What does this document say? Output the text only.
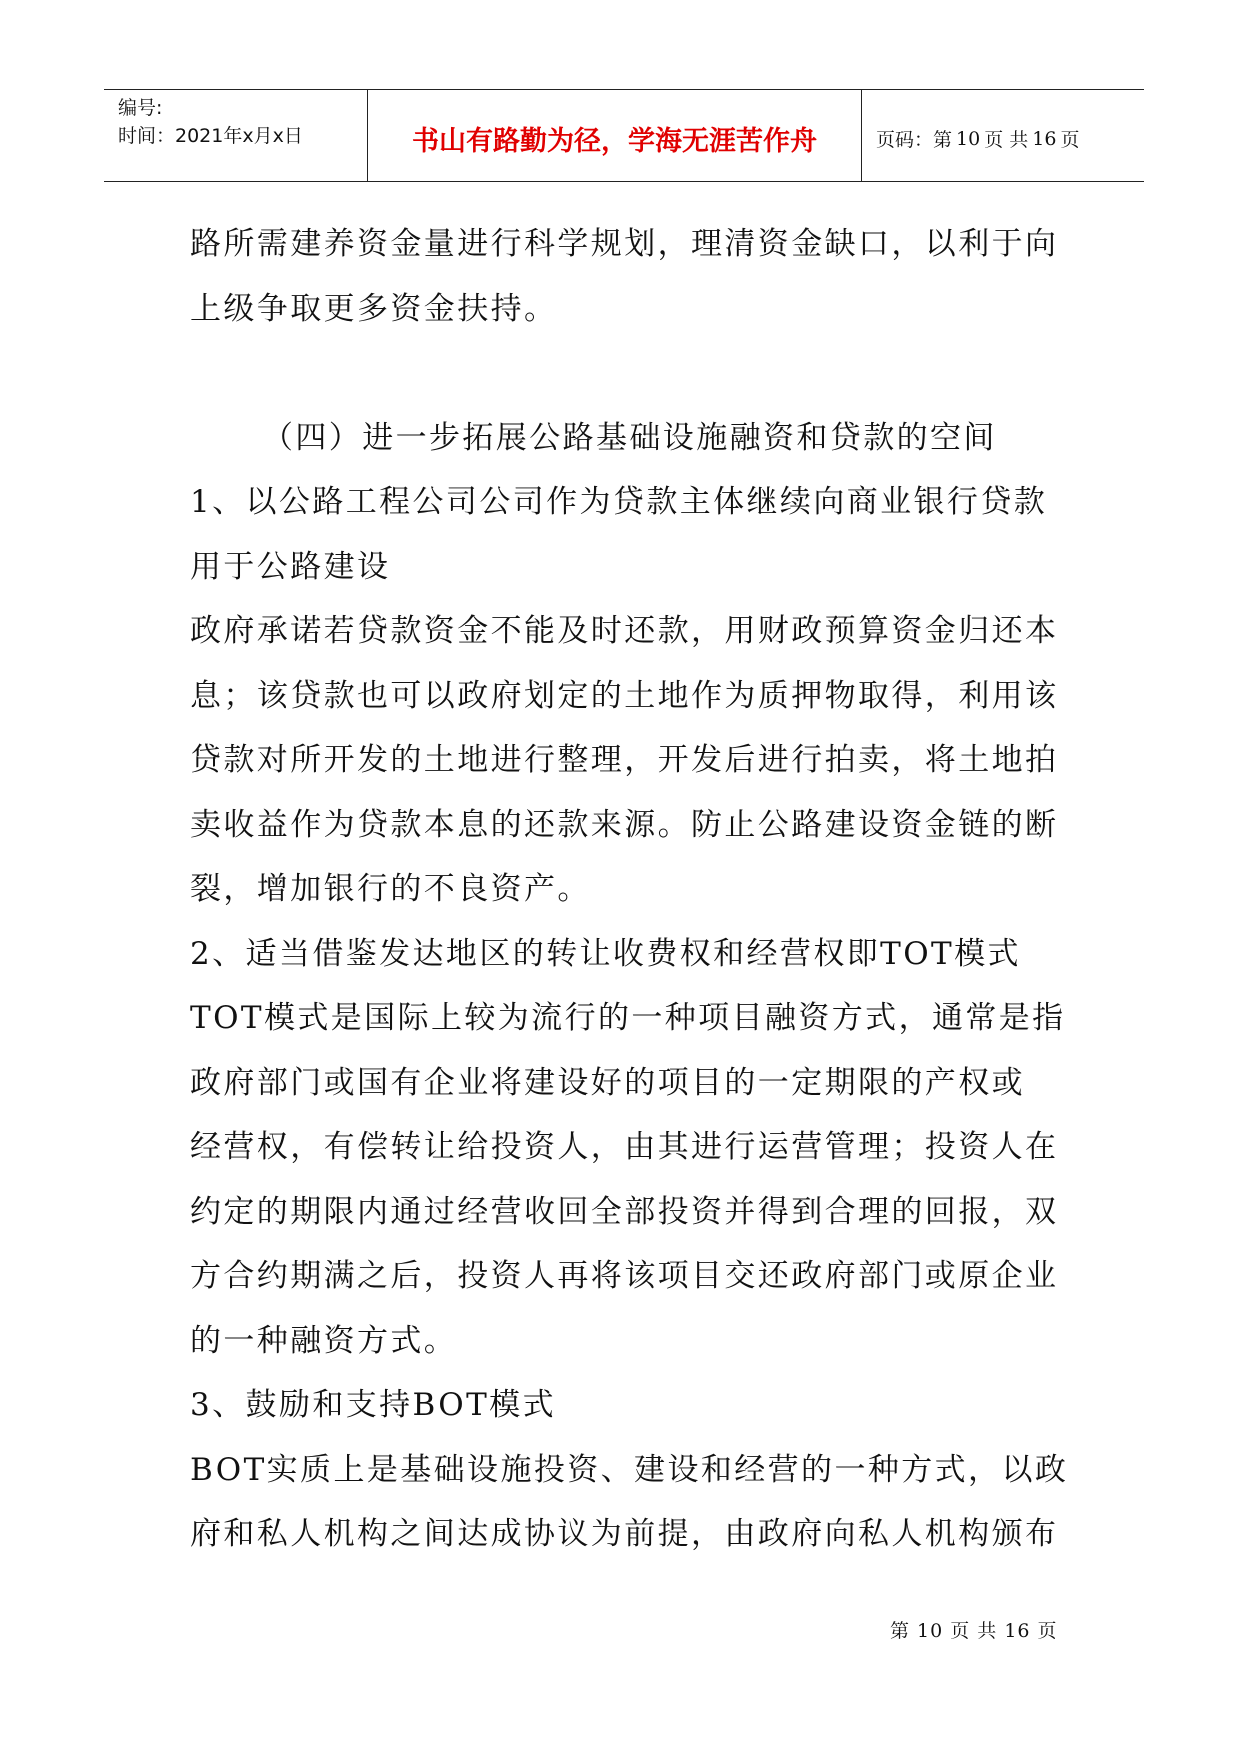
编号:
时间：2021年x月x日	书山有路勤为径，学海无涯苦作舟	页码：第 10 页 共 16 页
路所需建养资金量进行科学规划，理清资金缺口，以利于向
上级争取更多资金扶持。
（四）进一步拓展公路基础设施融资和贷款的空间
1、以公路工程公司公司作为贷款主体继续向商业银行贷款
用于公路建设
政府承诺若贷款资金不能及时还款，用财政预算资金归还本
息；该贷款也可以政府划定的土地作为质押物取得，利用该
贷款对所开发的土地进行整理，开发后进行拍卖，将土地拍
卖收益作为贷款本息的还款来源。防止公路建设资金链的断
裂，增加银行的不良资产。
2、适当借鉴发达地区的转让收费权和经营权即TOT模式
TOT模式是国际上较为流行的一种项目融资方式，通常是指
政府部门或国有企业将建设好的项目的一定期限的产权或
经营权，有偿转让给投资人，由其进行运营管理；投资人在
约定的期限内通过经营收回全部投资并得到合理的回报，双
方合约期满之后，投资人再将该项目交还政府部门或原企业
的一种融资方式。
3、鼓励和支持BOT模式
BOT实质上是基础设施投资、建设和经营的一种方式，以政
府和私人机构之间达成协议为前提，由政府向私人机构颁布
第 10 页 共 16 页
